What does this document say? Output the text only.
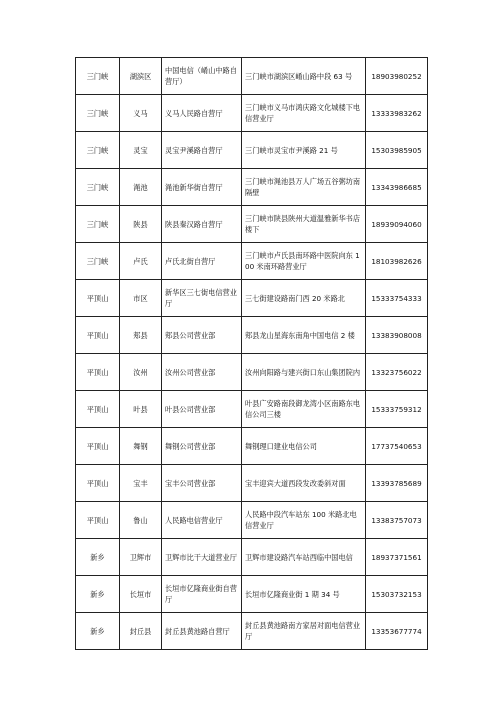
三门峡	湖滨区	中国电信（崤山中路自营厅）	三门峡市湖滨区崤山路中段 63 号	18903980252
三门峡	义马	义马人民路自营厅	三门峡市义马市鸿庆路文化城楼下电信营业厅	13333983262
三门峡	灵宝	灵宝尹溪路自营厅	三门峡市灵宝市尹溪路 21 号	15303985905
三门峡	渑池	渑池新华街自营厅	三门峡市渑池县万人广场五谷粥坊南隔壁	13343986685
三门峡	陕县	陕县秦汉路自营厅	三门峡市陕县陕州大道温雅新华书店楼下	18939094060
三门峡	卢氏	卢氏北街自营厅	三门峡市卢氏县南环路中医院向东 100 米南环路营业厅	18103982626
平顶山	市区	新华区三七街电信营业厅	三七街建设路南门西 20 米路北	15333754333
平顶山	郏县	郏县公司营业部	郏县龙山星海东南角中国电信 2 楼	13383908008
平顶山	汝州	汝州公司营业部	汝州向阳路与建兴街口东山集团院内	13323756022
平顶山	叶县	叶县公司营业部	叶县广安路南段御龙湾小区南路东电信公司三楼	15333759312
平顶山	舞钢	舞钢公司营业部	舞钢理口建业电信公司	17737540653
平顶山	宝丰	宝丰公司营业部	宝丰迎宾大道西段发改委斜对面	13393785689
平顶山	鲁山	人民路电信营业厅	人民路中段汽车站东 100 米路北电信营业厅	13383757073
新乡	卫辉市	卫辉市比干大道营业厅	卫辉市建设路汽车站西临中国电信	18937371561
新乡	长垣市	长垣市亿隆商业街自营厅	长垣市亿隆商业街 1 期 34 号	15303732153
新乡	封丘县	封丘县黄池路自营厅	封丘县黄池路南方家居对面电信营业厅	13353677774
